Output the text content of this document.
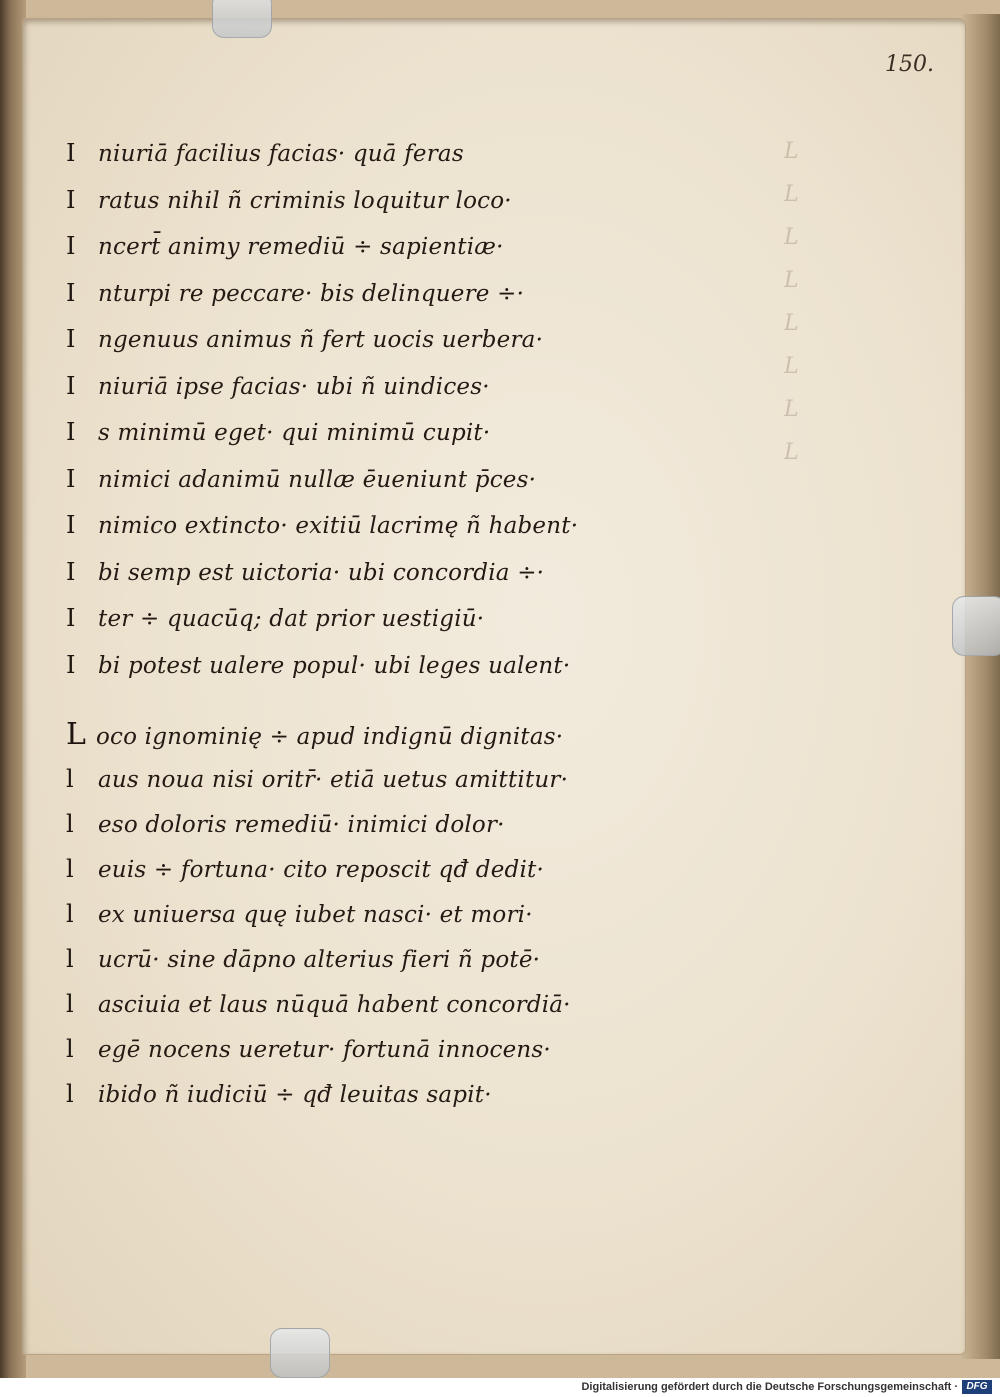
L
L
L
L
L
L
L
L
150.
I niuriā facilius facias· quā feras
I ratus nihil ñ criminis loquitur loco·
I ncert̄ animy remediū ÷ sapientiæ·
I nturpi re peccare· bis delinquere ÷·
I ngenuus animus ñ fert uocis uerbera·
I niuriā ipse facias· ubi ñ uindices·
I s minimū eget· qui minimū cupit·
I nimici adanimū nullæ ēueniunt p̄ces·
I nimico extincto· exitiū lacrimę ñ habent·
I bi semp est uictoria· ubi concordia ÷·
I ter ÷ quacūq; dat prior uestigiū·
I bi potest ualere popul· ubi leges ualent·
L oco ignominię ÷ apud indignū dignitas·
l	aus noua nisi oritr̄· etiā uetus amittitur·
l	eso doloris remediū· inimici dolor·
l	euis ÷ fortuna· cito reposcit qđ dedit·
l	ex uniuersa quę iubet nasci· et mori·
l	ucrū· sine dāpno alterius fieri ñ potē·
l	asciuia et laus nūquā habent concordiā·
l	egē nocens ueretur· fortunā innocens·
l	ibido ñ iudiciū ÷ qđ leuitas sapit·
Digitalisierung gefördert durch die Deutsche Forschungsgemeinschaft · DFG
